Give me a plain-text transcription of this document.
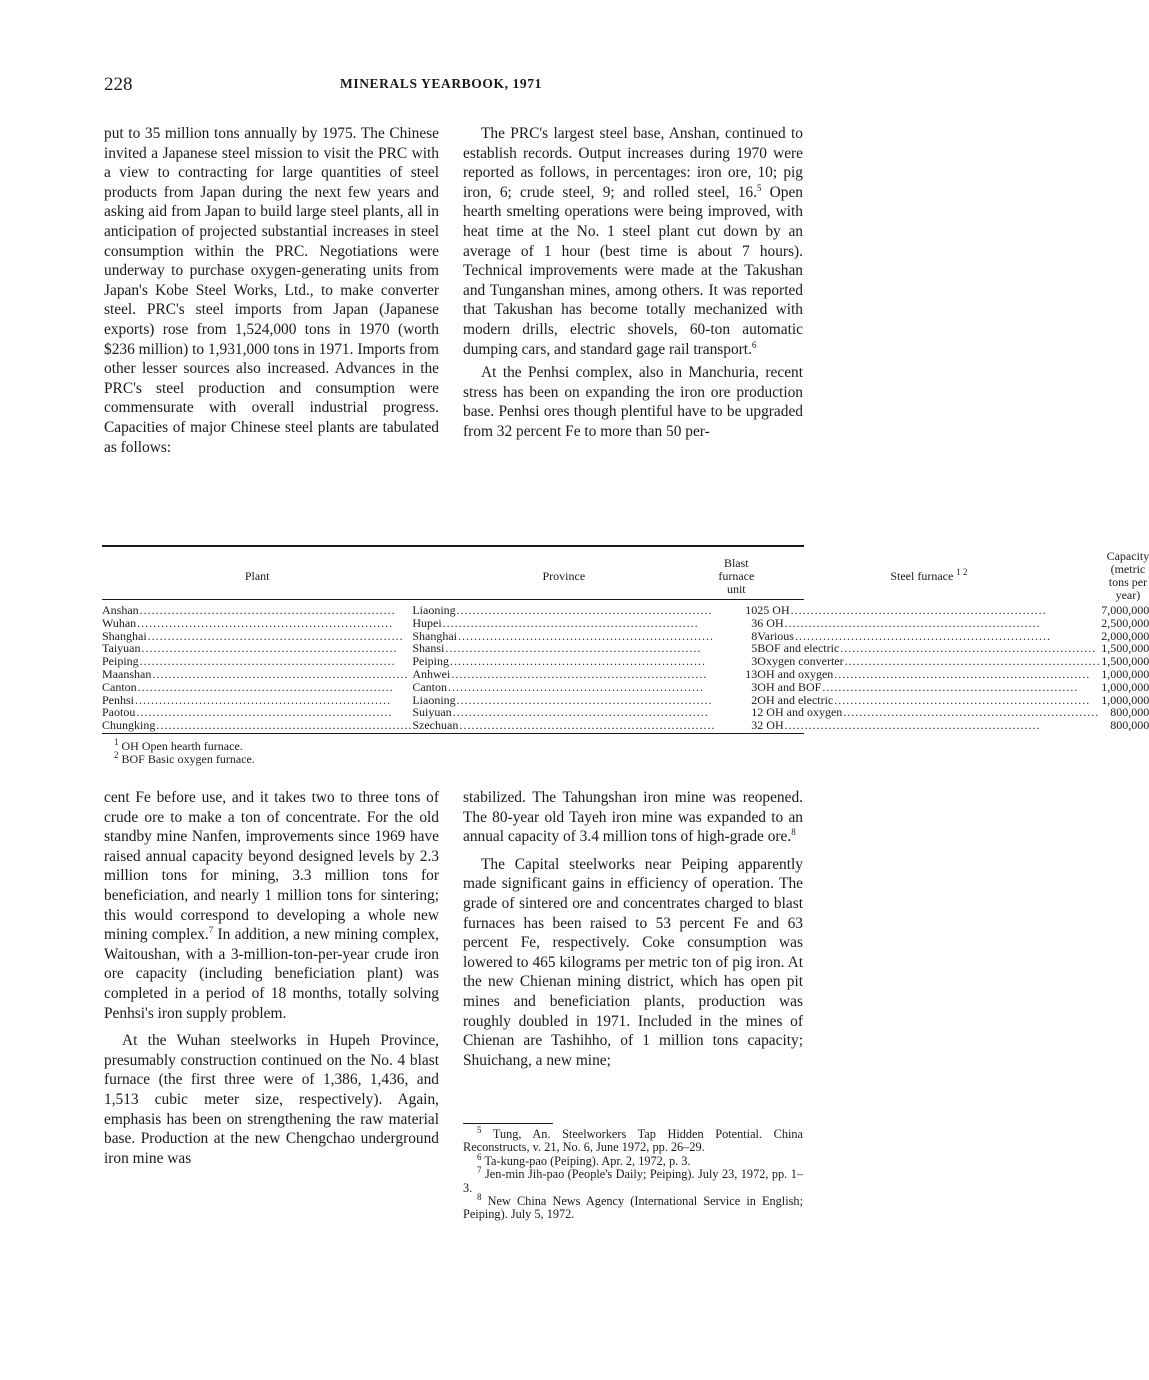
228	MINERALS YEARBOOK, 1971

put to 35 million tons annually by 1975. The Chinese invited a Japanese steel mission to visit the PRC with a view to contracting for large quantities of steel products from Japan during the next few years and asking aid from Japan to build large steel plants, all in anticipation of projected substantial increases in steel consumption within the PRC. Negotiations were underway to purchase oxygen-generating units from Japan's Kobe Steel Works, Ltd., to make converter steel. PRC's steel imports from Japan (Japanese exports) rose from 1,524,000 tons in 1970 (worth $236 million) to 1,931,000 tons in 1971. Imports from other lesser sources also increased. Advances in the PRC's steel production and consumption were commensurate with overall industrial progress. Capacities of major Chinese steel plants are tabulated as follows:

The PRC's largest steel base, Anshan, continued to establish records. Output increases during 1970 were reported as follows, in percentages: iron ore, 10; pig iron, 6; crude steel, 9; and rolled steel, 16.$^5$ Open hearth smelting operations were being improved, with heat time at the No. 1 steel plant cut down by an average of 1 hour (best time is about 7 hours). Technical improvements were made at the Takushan and Tunganshan mines, among others. It was reported that Takushan has become totally mechanized with modern drills, electric shovels, 60-ton automatic dumping cars, and standard gage rail transport.$^6$

At the Penhsi complex, also in Manchuria, recent stress has been on expanding the iron ore production base. Penhsi ores though plentiful have to be upgraded from 32 percent Fe to more than 50 per-

Plant	Province	Blast furnace unit		Steel furnace $^{1 2}$	Capacity (metric tons per year)

Anshan ................................................................	Liaoning ................................................................	10		25 OH ................................................................	7,000,000

Wuhan ................................................................	Hupei ................................................................	3		6 OH ................................................................	2,500,000

Shanghai ................................................................	Shanghai ................................................................	8		Various ................................................................	2,000,000

Taiyuan ................................................................	Shansi ................................................................	5		BOF and electric ................................................................	1,500,000

Peiping ................................................................	Peiping ................................................................	3		Oxygen converter ................................................................	1,500,000

Maanshan ................................................................	Anhwei ................................................................	13		OH and oxygen ................................................................	1,000,000

Canton ................................................................	Canton ................................................................	3		OH and BOF ................................................................	1,000,000

Penhsi ................................................................	Liaoning ................................................................	2		OH and electric ................................................................	1,000,000

Paotou ................................................................	Suiyuan ................................................................	1		2 OH and oxygen ................................................................	800,000

Chungking ................................................................	Szechuan ................................................................	3		2 OH ................................................................	800,000
$^1$ OH Open hearth furnace.
$^2$ BOF Basic oxygen furnace.

cent Fe before use, and it takes two to three tons of crude ore to make a ton of concentrate. For the old standby mine Nanfen, improvements since 1969 have raised annual capacity beyond designed levels by 2.3 million tons for mining, 3.3 million tons for beneficiation, and nearly 1 million tons for sintering; this would correspond to developing a whole new mining complex.$^7$ In addition, a new mining complex, Waitoushan, with a 3-million-ton-per-year crude iron ore capacity (including beneficiation plant) was completed in a period of 18 months, totally solving Penhsi's iron supply problem.

At the Wuhan steelworks in Hupeh Province, presumably construction continued on the No. 4 blast furnace (the first three were of 1,386, 1,436, and 1,513 cubic meter size, respectively). Again, emphasis has been on strengthening the raw material base. Production at the new Chengchao underground iron mine was

stabilized. The Tahungshan iron mine was reopened. The 80-year old Tayeh iron mine was expanded to an annual capacity of 3.4 million tons of high-grade ore.$^8$

The Capital steelworks near Peiping apparently made significant gains in efficiency of operation. The grade of sintered ore and concentrates charged to blast furnaces has been raised to 53 percent Fe and 63 percent Fe, respectively. Coke consumption was lowered to 465 kilograms per metric ton of pig iron. At the new Chienan mining district, which has open pit mines and beneficiation plants, production was roughly doubled in 1971. Included in the mines of Chienan are Tashihho, of 1 million tons capacity; Shuichang, a new mine;

$^5$ Tung, An. Steelworkers Tap Hidden Potential. China Reconstructs, v. 21, No. 6, June 1972, pp. 26–29.

$^6$ Ta-kung-pao (Peiping). Apr. 2, 1972, p. 3.

$^7$ Jen-min Jih-pao (People's Daily; Peiping). July 23, 1972, pp. 1–3.

$^8$ New China News Agency (International Service in English; Peiping). July 5, 1972.
